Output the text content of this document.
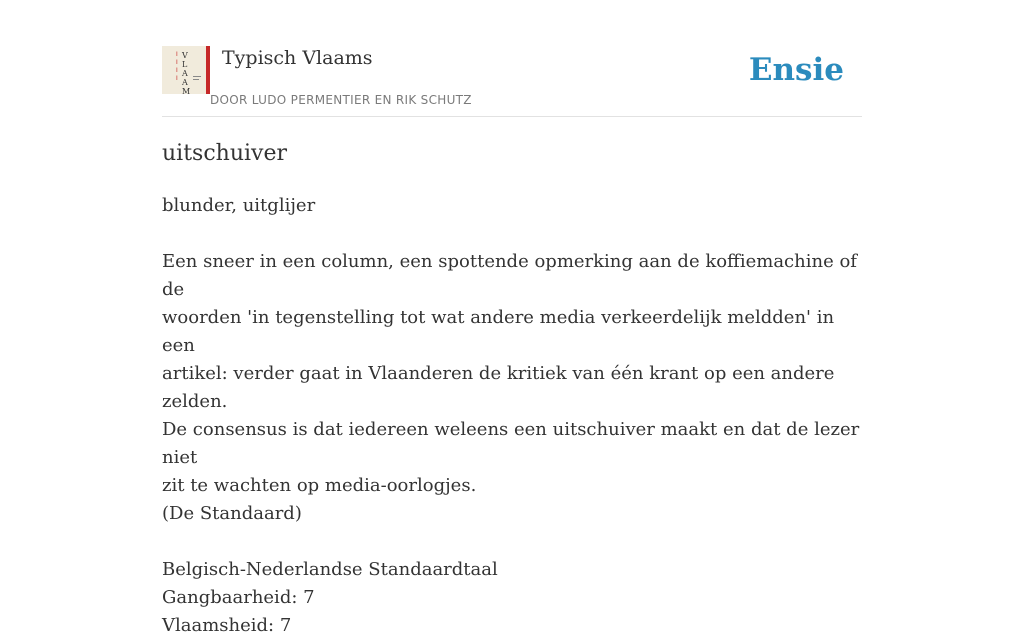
I
I
I
I
V
L
A
A
M
Typisch Vlaams
DOOR LUDO PERMENTIER EN RIK SCHUTZ
Ensie
uitschuiver

blunder, uitglijer

Een sneer in een column, een spottende opmerking aan de koffiemachine of de

woorden 'in tegenstelling tot wat andere media verkeerdelijk meldden' in een

artikel: verder gaat in Vlaanderen de kritiek van één krant op een andere zelden.

De consensus is dat iedereen weleens een uitschuiver maakt en dat de lezer niet

zit te wachten op media-oorlogjes.

(De Standaard)

Belgisch-Nederlandse Standaardtaal

Gangbaarheid: 7

Vlaamsheid: 7
